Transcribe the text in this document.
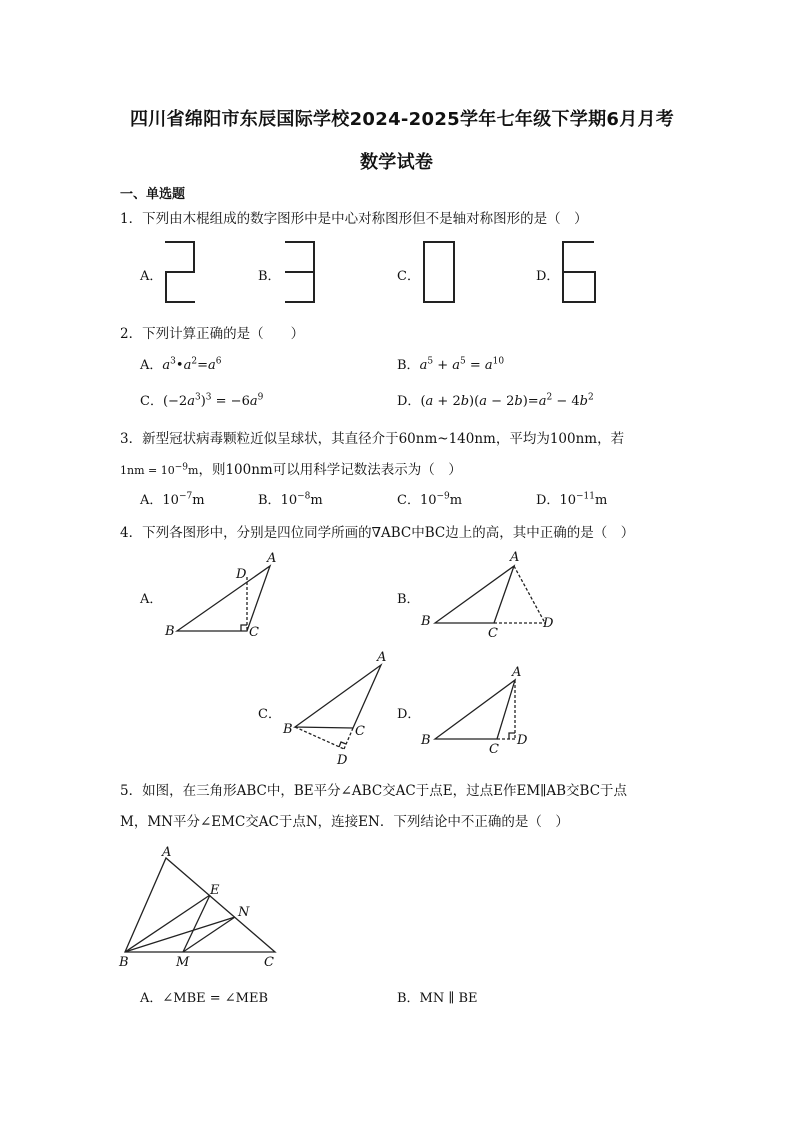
四川省绵阳市东辰国际学校2024-2025学年七年级下学期6月月考
数学试卷
一、单选题
1．下列由木棍组成的数字图形中是中心对称图形但不是轴对称图形的是（　）
A．	B．	C．	D．
2．下列计算正确的是（　　）
A．$a^3•a^2=a^6$	B．$a^5 + a^5 = a^{10}$
C．$(-2a^3)^3 = -6a^9$	D．$(a + 2b)(a - 2b)=a^2 - 4b^2$
3．新型冠状病毒颗粒近似呈球状，其直径介于60nm~140nm，平均为100nm，若
$1nm = 10^{-9}m$，则100nm可以用科学记数法表示为（　）
A．$10^{-7}m$	B．$10^{-8}m$	C．$10^{-9}m$	D．$10^{-11}m$
4．下列各图形中，分别是四位同学所画的∇ABC中BC边上的高，其中正确的是（　）
A．
B
A
D
C
B．
B
A
C
D
C．
B
A
C
D
D．
B
A
C
D
5．如图，在三角形ABC中，BE平分∠ABC交AC于点E，过点E作EM∥AB交BC于点
M，MN平分∠EMC交AC于点N，连接EN．下列结论中不正确的是（　）
A
E
N
B	M	C
A．∠MBE = ∠MEB	B．MN ∥ BE
